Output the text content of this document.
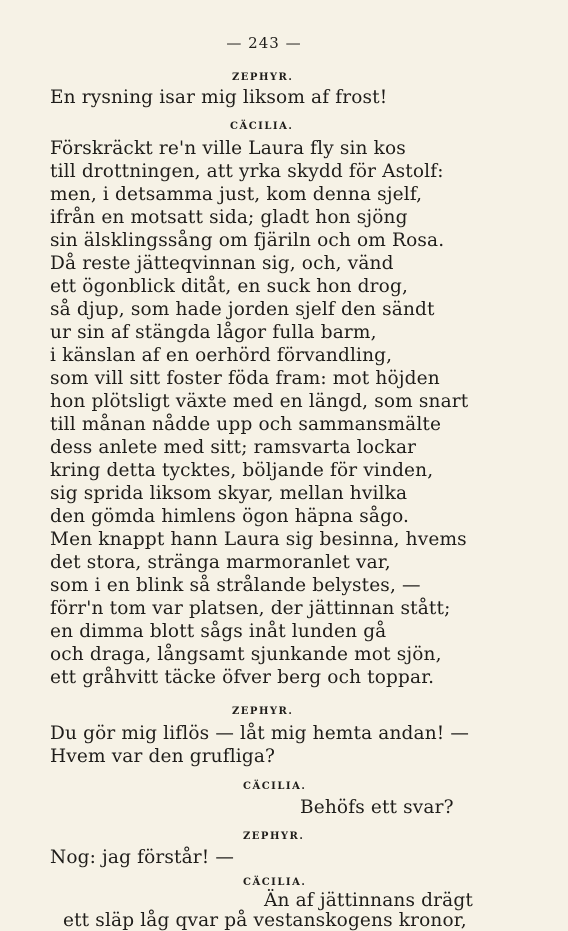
— 243 —
ZEPHYR.
En rysning isar mig liksom af frost!
CÄCILIA.
Förskräckt re'n ville Laura fly sin kos
till drottningen, att yrka skydd för Astolf:
men, i detsamma just, kom denna sjelf,
ifrån en motsatt sida; gladt hon sjöng
sin älsklingssång om fjäriln och om Rosa.
Då reste jätteqvinnan sig, och, vänd
ett ögonblick ditåt, en suck hon drog,
så djup, som hade jorden sjelf den sändt
ur sin af stängda lågor fulla barm,
i känslan af en oerhörd förvandling,
som vill sitt foster föda fram: mot höjden
hon plötsligt växte med en längd, som snart
till månan nådde upp och sammansmälte
dess anlete med sitt; ramsvarta lockar
kring detta tycktes, böljande för vinden,
sig sprida liksom skyar, mellan hvilka
den gömda himlens ögon häpna sågo.
Men knappt hann Laura sig besinna, hvems
det stora, stränga marmoranlet var,
som i en blink så strålande belystes, —
förr'n tom var platsen, der jättinnan stått;
en dimma blott sågs inåt lunden gå
och draga, långsamt sjunkande mot sjön,
ett gråhvitt täcke öfver berg och toppar.
ZEPHYR.
Du gör mig liflös — låt mig hemta andan! —
Hvem var den grufliga?
CÄCILIA.
Behöfs ett svar?
ZEPHYR.
Nog: jag förstår! —
CÄCILIA.
Än af jättinnans drägt
ett släp låg qvar på vestanskogens kronor,
